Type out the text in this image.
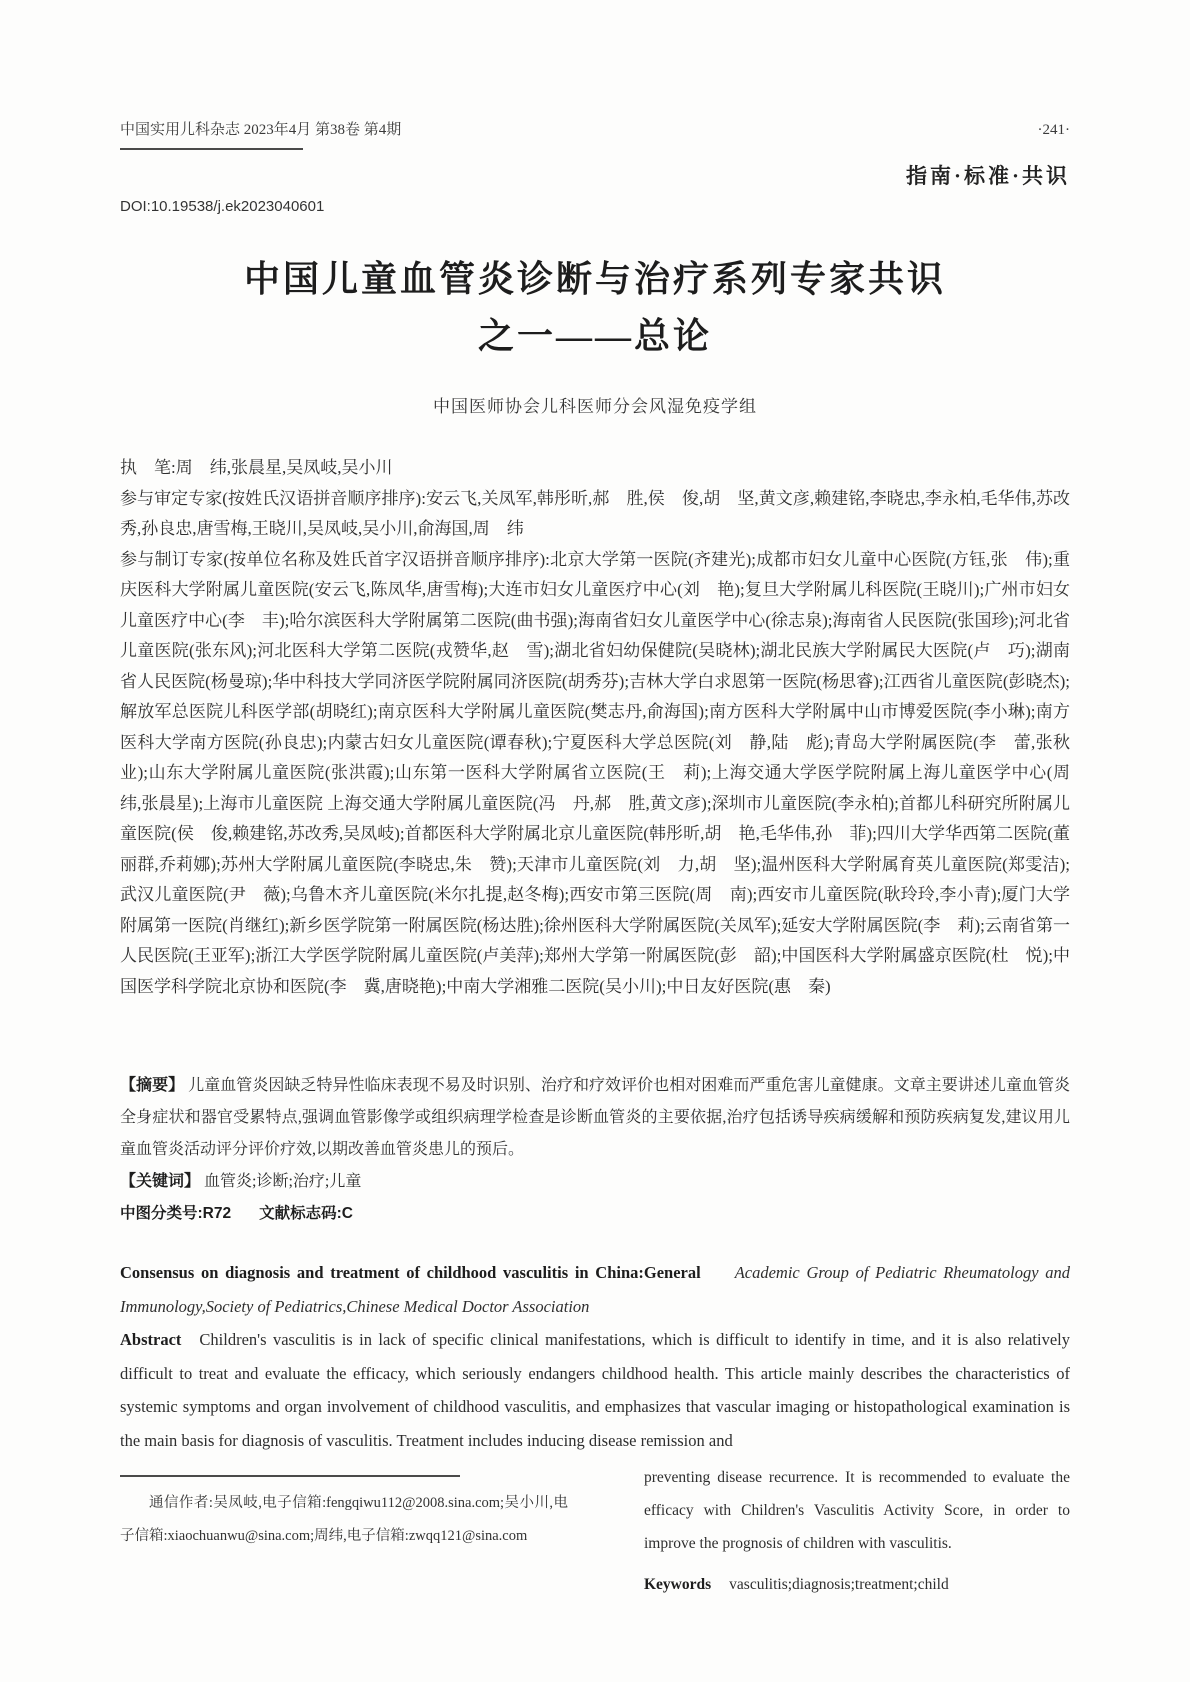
中国实用儿科杂志 2023年4月 第38卷 第4期	·241·
指南·标准·共识
DOI:10.19538/j.ek2023040601
中国儿童血管炎诊断与治疗系列专家共识
之一——总论
中国医师协会儿科医师分会风湿免疫学组

执　笔:周　纬,张晨星,吴凤岐,吴小川

参与审定专家(按姓氏汉语拼音顺序排序):安云飞,关凤军,韩彤昕,郝　胜,侯　俊,胡　坚,黄文彦,赖建铭,李晓忠,李永柏,毛华伟,苏改秀,孙良忠,唐雪梅,王晓川,吴凤岐,吴小川,俞海国,周　纬

参与制订专家(按单位名称及姓氏首字汉语拼音顺序排序):北京大学第一医院(齐建光);成都市妇女儿童中心医院(方钰,张　伟);重庆医科大学附属儿童医院(安云飞,陈凤华,唐雪梅);大连市妇女儿童医疗中心(刘　艳);复旦大学附属儿科医院(王晓川);广州市妇女儿童医疗中心(李　丰);哈尔滨医科大学附属第二医院(曲书强);海南省妇女儿童医学中心(徐志泉);海南省人民医院(张国珍);河北省儿童医院(张东风);河北医科大学第二医院(戎赞华,赵　雪);湖北省妇幼保健院(吴晓林);湖北民族大学附属民大医院(卢　巧);湖南省人民医院(杨曼琼);华中科技大学同济医学院附属同济医院(胡秀芬);吉林大学白求恩第一医院(杨思睿);江西省儿童医院(彭晓杰);解放军总医院儿科医学部(胡晓红);南京医科大学附属儿童医院(樊志丹,俞海国);南方医科大学附属中山市博爱医院(李小琳);南方医科大学南方医院(孙良忠);内蒙古妇女儿童医院(谭春秋);宁夏医科大学总医院(刘　静,陆　彪);青岛大学附属医院(李　蕾,张秋业);山东大学附属儿童医院(张洪霞);山东第一医科大学附属省立医院(王　莉);上海交通大学医学院附属上海儿童医学中心(周　纬,张晨星);上海市儿童医院 上海交通大学附属儿童医院(冯　丹,郝　胜,黄文彦);深圳市儿童医院(李永柏);首都儿科研究所附属儿童医院(侯　俊,赖建铭,苏改秀,吴凤岐);首都医科大学附属北京儿童医院(韩彤昕,胡　艳,毛华伟,孙　菲);四川大学华西第二医院(董丽群,乔莉娜);苏州大学附属儿童医院(李晓忠,朱　赞);天津市儿童医院(刘　力,胡　坚);温州医科大学附属育英儿童医院(郑雯洁);武汉儿童医院(尹　薇);乌鲁木齐儿童医院(米尔扎提,赵冬梅);西安市第三医院(周　南);西安市儿童医院(耿玲玲,李小青);厦门大学附属第一医院(肖继红);新乡医学院第一附属医院(杨达胜);徐州医科大学附属医院(关凤军);延安大学附属医院(李　莉);云南省第一人民医院(王亚军);浙江大学医学院附属儿童医院(卢美萍);郑州大学第一附属医院(彭　韶);中国医科大学附属盛京医院(杜　悦);中国医学科学院北京协和医院(李　冀,唐晓艳);中南大学湘雅二医院(吴小川);中日友好医院(惠　秦)

【摘要】 儿童血管炎因缺乏特异性临床表现不易及时识别、治疗和疗效评价也相对困难而严重危害儿童健康。文章主要讲述儿童血管炎全身症状和器官受累特点,强调血管影像学或组织病理学检查是诊断血管炎的主要依据,治疗包括诱导疾病缓解和预防疾病复发,建议用儿童血管炎活动评分评价疗效,以期改善血管炎患儿的预后。

【关键词】 血管炎;诊断;治疗;儿童

中图分类号:R72 文献标志码:C

Consensus on diagnosis and treatment of childhood vasculitis in China:General Academic Group of Pediatric Rheumatology and Immunology,Society of Pediatrics,Chinese Medical Doctor Association

Abstract Children's vasculitis is in lack of specific clinical manifestations, which is difficult to identify in time, and it is also relatively difficult to treat and evaluate the efficacy, which seriously endangers childhood health. This article mainly describes the characteristics of systemic symptoms and organ involvement of childhood vasculitis, and emphasizes that vascular imaging or histopathological examination is the main basis for diagnosis of vasculitis. Treatment includes inducing disease remission and

通信作者:吴凤岐,电子信箱:fengqiwu112@2008.sina.com;吴小川,电子信箱:xiaochuanwu@sina.com;周纬,电子信箱:zwqq121@sina.com

preventing disease recurrence. It is recommended to evaluate the efficacy with Children's Vasculitis Activity Score, in order to improve the prognosis of children with vasculitis.

Keywords vasculitis;diagnosis;treatment;child
